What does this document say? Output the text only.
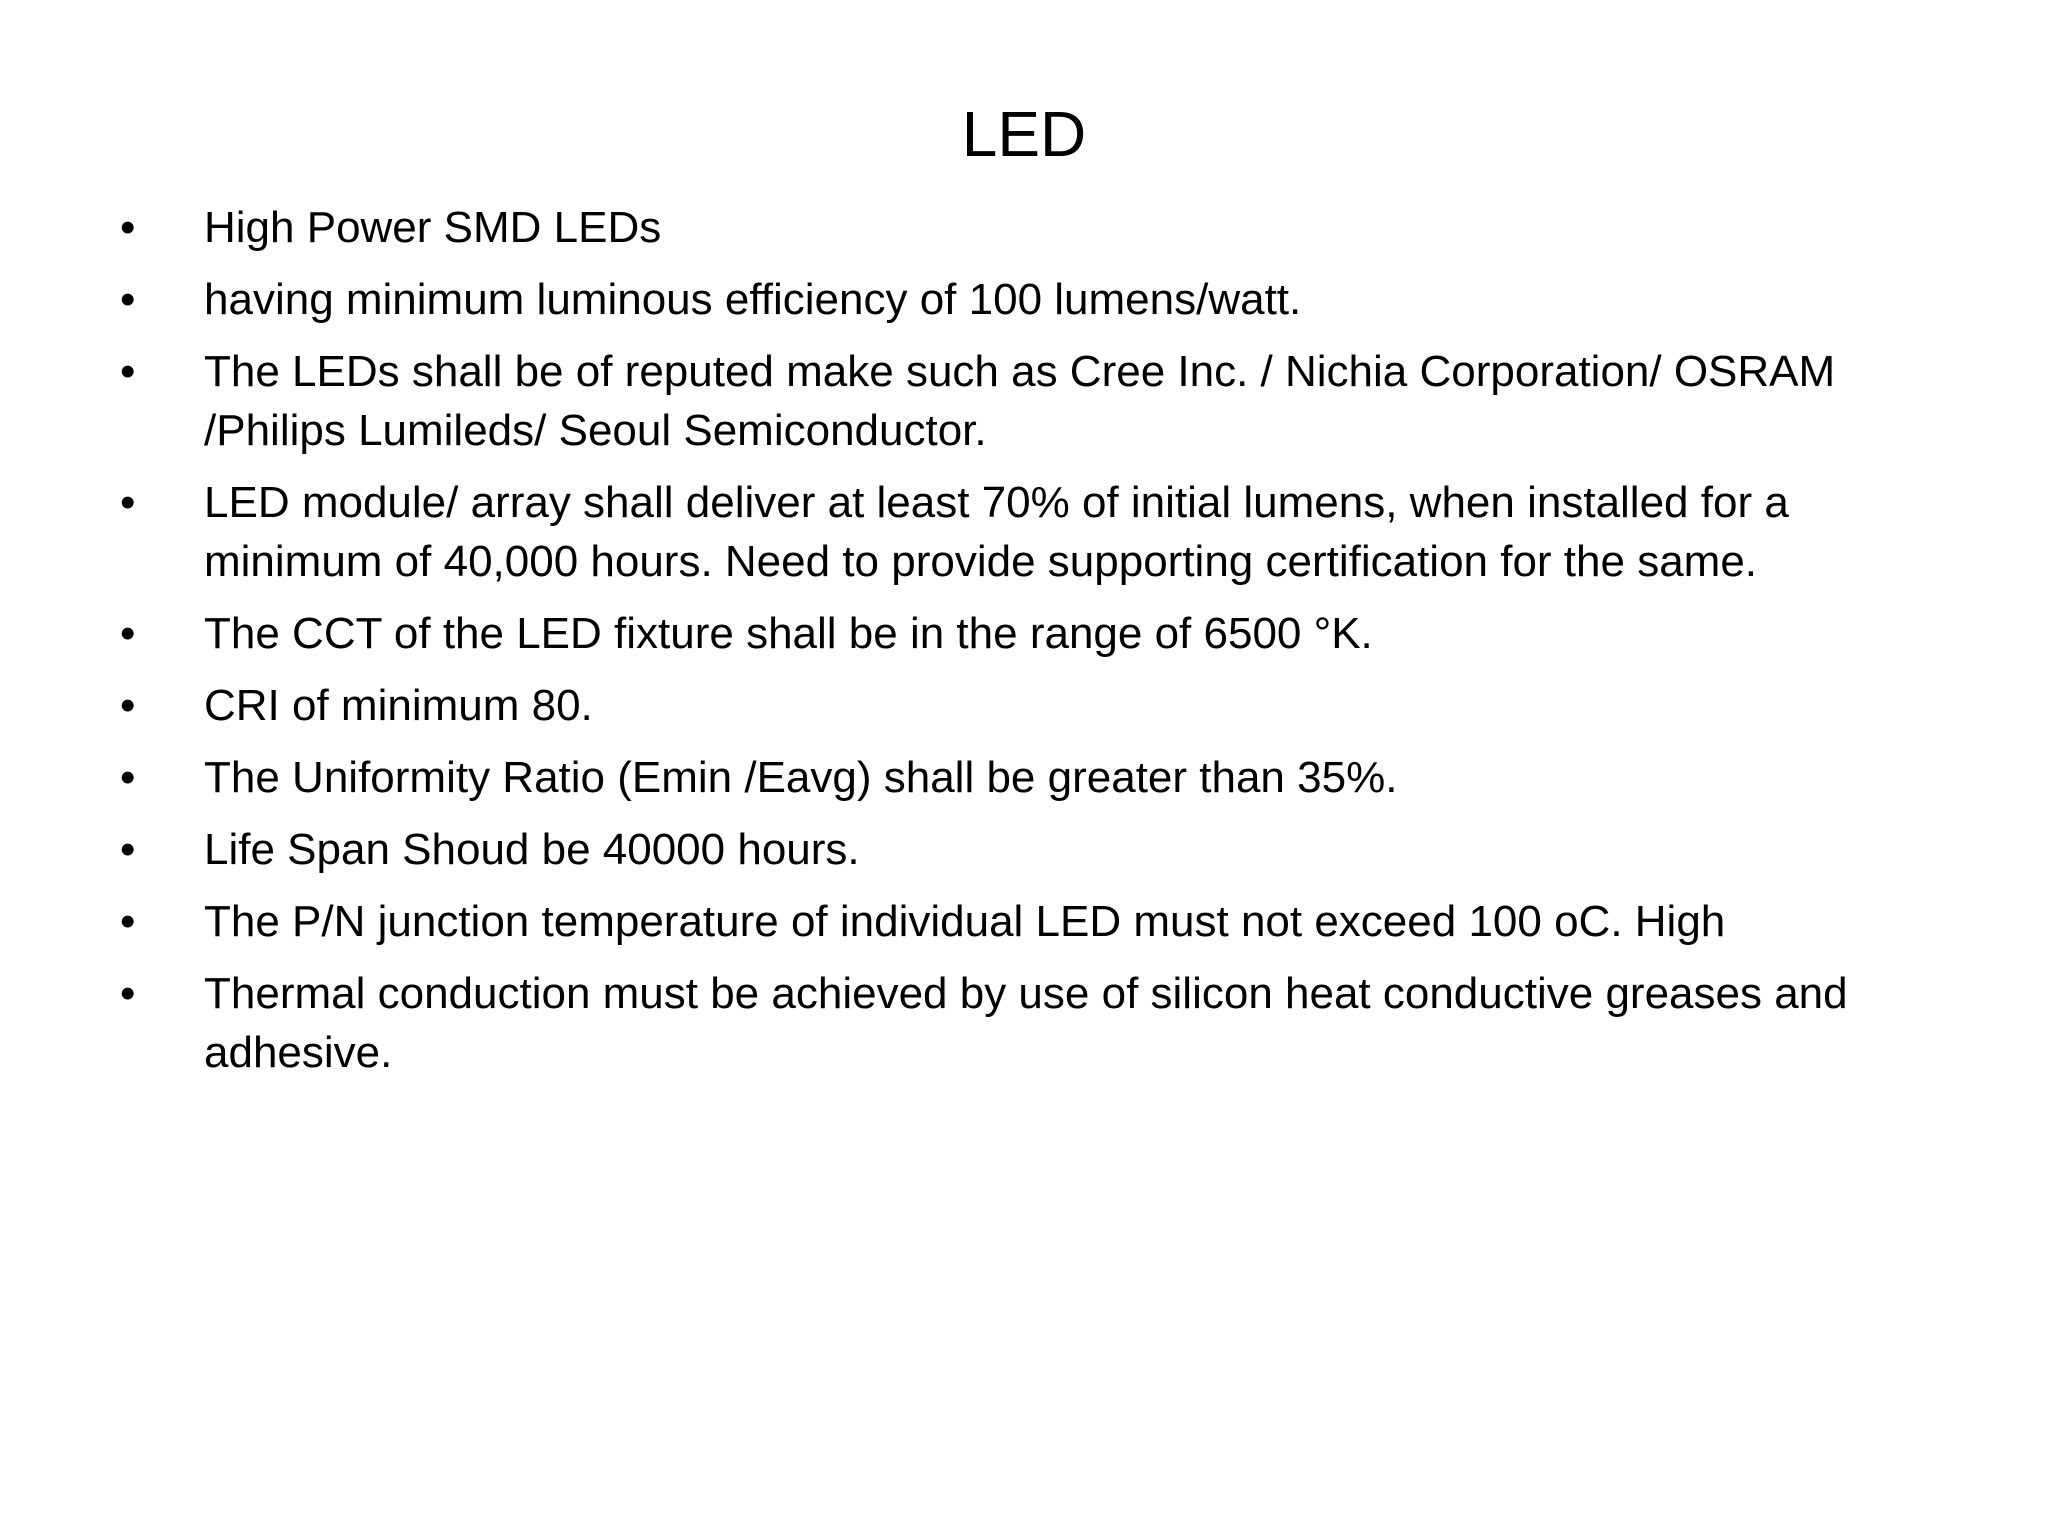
LED
•	High Power SMD LEDs
•	having minimum luminous efficiency of 100 lumens/watt.
•	The LEDs shall be of reputed make such as Cree Inc. / Nichia Corporation/ OSRAM /Philips Lumileds/ Seoul Semiconductor.
•	LED module/ array shall deliver at least 70% of initial lumens, when installed for a minimum of 40,000 hours. Need to provide supporting certification for the same.
•	The CCT of the LED fixture shall be in the range of 6500 °K.
•	CRI of minimum 80.
•	The Uniformity Ratio (Emin /Eavg) shall be greater than 35%.
•	Life Span Shoud be 40000 hours.
•	The P/N junction temperature of individual LED must not exceed 100 oC. High
•	Thermal conduction must be achieved by use of silicon heat conductive greases and adhesive.
